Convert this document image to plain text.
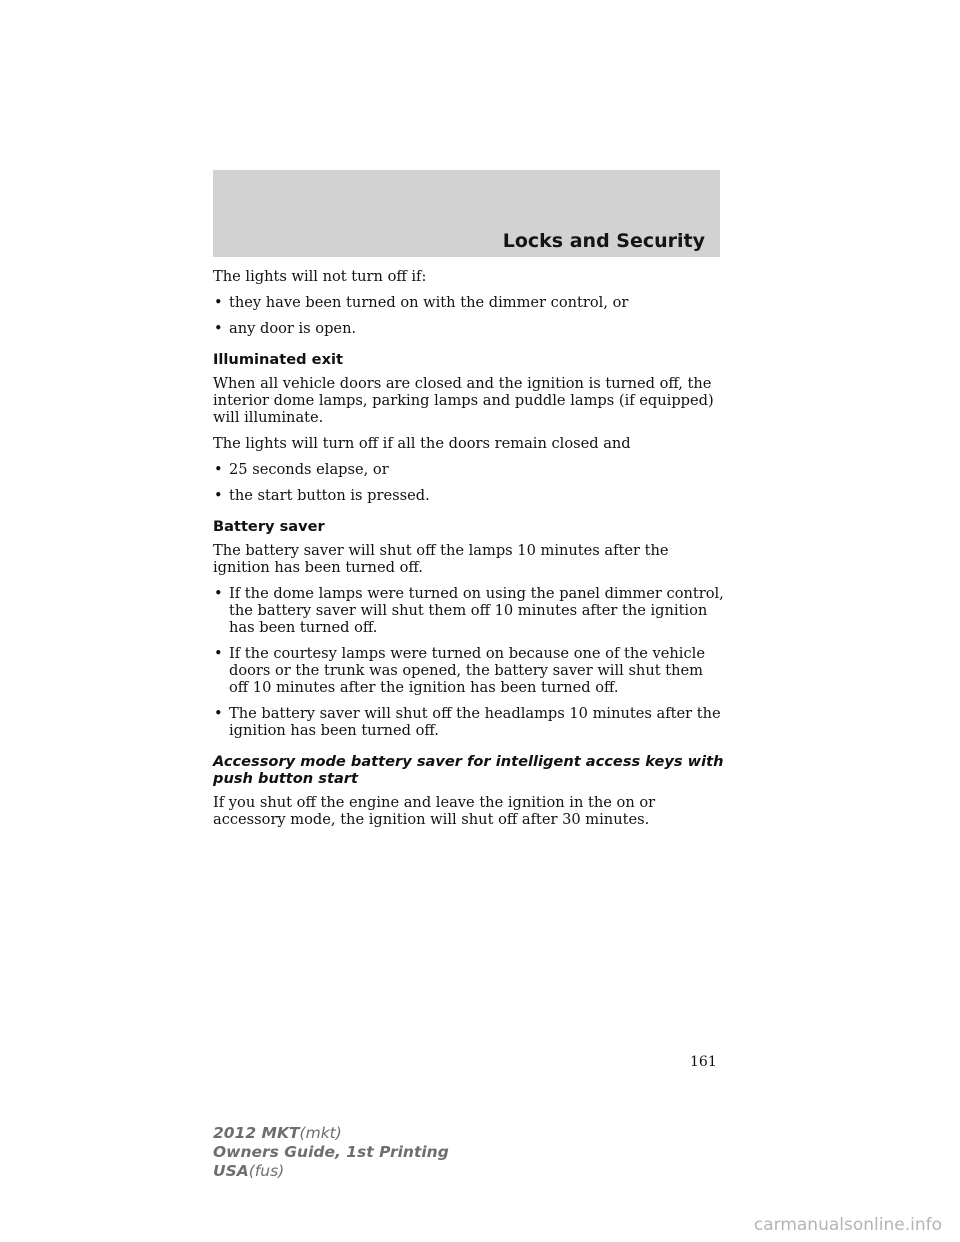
Locks and Security

The lights will not turn off if:

• they have been turned on with the dimmer control, or
• any door is open.
Illuminated exit

When all vehicle doors are closed and the ignition is turned off, the interior dome lamps, parking lamps and puddle lamps (if equipped) will illuminate.

The lights will turn off if all the doors remain closed and

• 25 seconds elapse, or
• the start button is pressed.
Battery saver

The battery saver will shut off the lamps 10 minutes after the ignition has been turned off.

• If the dome lamps were turned on using the panel dimmer control, the battery saver will shut them off 10 minutes after the ignition has been turned off.
• If the courtesy lamps were turned on because one of the vehicle doors or the trunk was opened, the battery saver will shut them off 10 minutes after the ignition has been turned off.
• The battery saver will shut off the headlamps 10 minutes after the ignition has been turned off.
Accessory mode battery saver for intelligent access keys with push button start

If you shut off the engine and leave the ignition in the on or accessory mode, the ignition will shut off after 30 minutes.

161
2012 MKT(mkt)
Owners Guide, 1st Printing
USA(fus)
carmanualsonline.info
